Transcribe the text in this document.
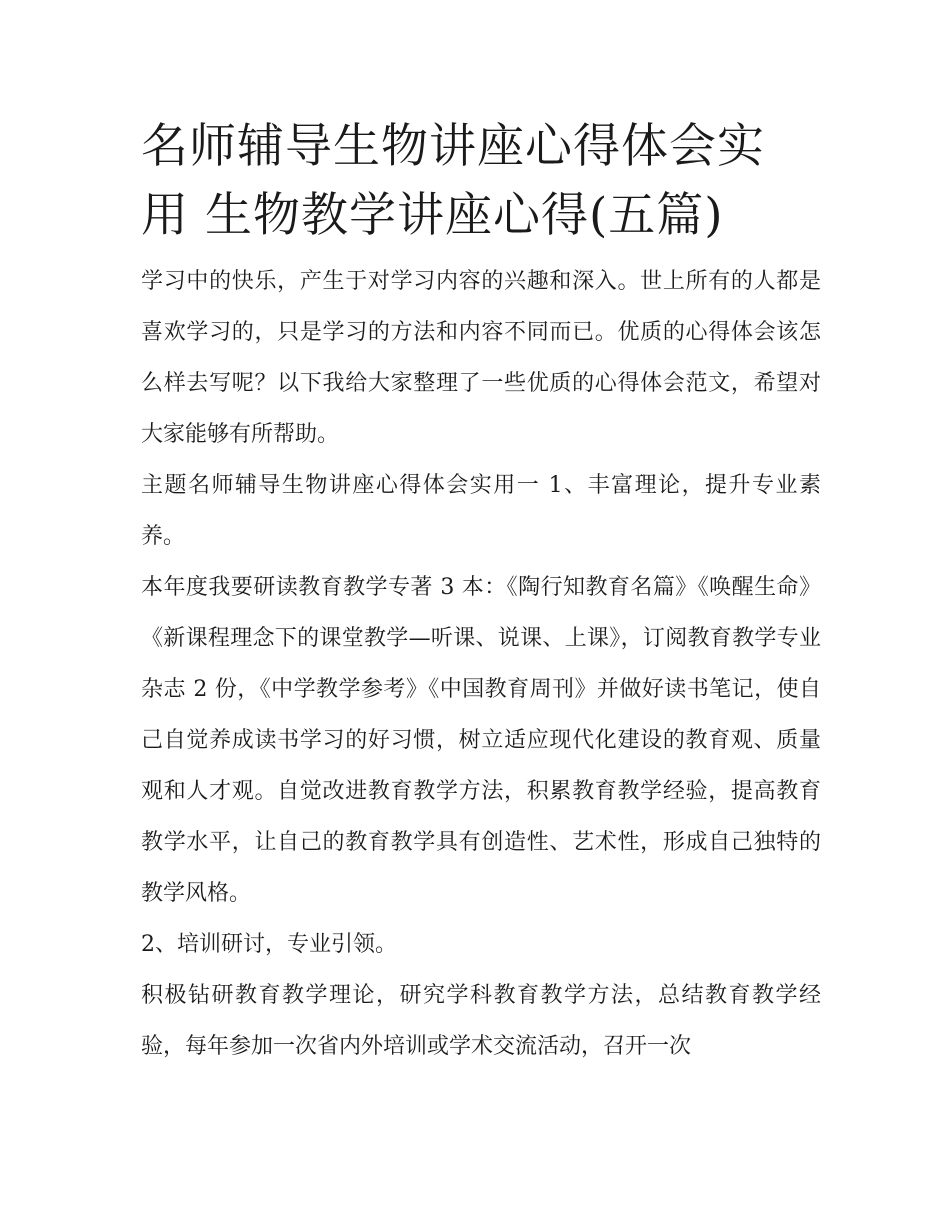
名师辅导生物讲座心得体会实
用 生物教学讲座心得(五篇)

学习中的快乐，产生于对学习内容的兴趣和深入。世上所有的人都是喜欢学习的，只是学习的方法和内容不同而已。优质的心得体会该怎么样去写呢？以下我给大家整理了一些优质的心得体会范文，希望对大家能够有所帮助。

主题名师辅导生物讲座心得体会实用一 1、丰富理论，提升专业素养。

本年度我要研读教育教学专著 3 本：《陶行知教育名篇》《唤醒生命》《新课程理念下的课堂教学—听课、说课、上课》，订阅教育教学专业杂志 2 份，《中学教学参考》《中国教育周刊》并做好读书笔记，使自己自觉养成读书学习的好习惯，树立适应现代化建设的教育观、质量观和人才观。自觉改进教育教学方法，积累教育教学经验，提高教育教学水平，让自己的教育教学具有创造性、艺术性，形成自己独特的教学风格。

2、培训研讨，专业引领。

积极钻研教育教学理论，研究学科教育教学方法，总结教育教学经验，每年参加一次省内外培训或学术交流活动，召开一次
